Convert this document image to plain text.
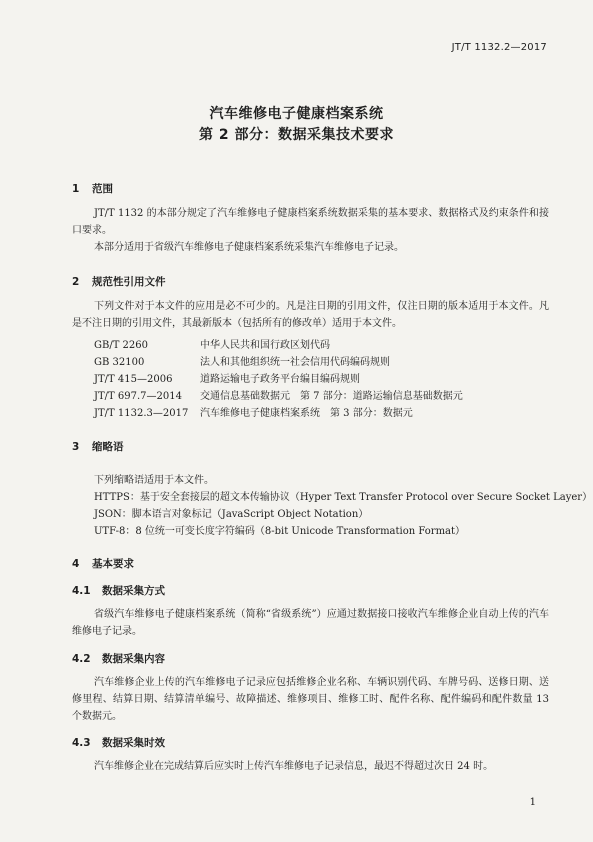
JT/T 1132.2—2017
汽车维修电子健康档案系统
第 2 部分：数据采集技术要求
1 范围
JT/T 1132 的本部分规定了汽车维修电子健康档案系统数据采集的基本要求、数据格式及约束条件和接口要求。
本部分适用于省级汽车维修电子健康档案系统采集汽车维修电子记录。
2 规范性引用文件
下列文件对于本文件的应用是必不可少的。凡是注日期的引用文件，仅注日期的版本适用于本文件。凡是不注日期的引用文件，其最新版本（包括所有的修改单）适用于本文件。
GB/T 2260	中华人民共和国行政区划代码
GB 32100	法人和其他组织统一社会信用代码编码规则
JT/T 415—2006	道路运输电子政务平台编目编码规则
JT/T 697.7—2014 交通信息基础数据元　第 7 部分：道路运输信息基础数据元
JT/T 1132.3—2017 汽车维修电子健康档案系统　第 3 部分：数据元
3 缩略语
下列缩略语适用于本文件。
HTTPS：基于安全套接层的超文本传输协议（Hyper Text Transfer Protocol over Secure Socket Layer）
JSON：脚本语言对象标记（JavaScript Object Notation）
UTF-8：8 位统一可变长度字符编码（8-bit Unicode Transformation Format）
4 基本要求
4.1 数据采集方式
省级汽车维修电子健康档案系统（简称“省级系统”）应通过数据接口接收汽车维修企业自动上传的汽车维修电子记录。
4.2 数据采集内容
汽车维修企业上传的汽车维修电子记录应包括维修企业名称、车辆识别代码、车牌号码、送修日期、送修里程、结算日期、结算清单编号、故障描述、维修项目、维修工时、配件名称、配件编码和配件数量 13 个数据元。
4.3 数据采集时效
汽车维修企业在完成结算后应实时上传汽车维修电子记录信息，最迟不得超过次日 24 时。
1
